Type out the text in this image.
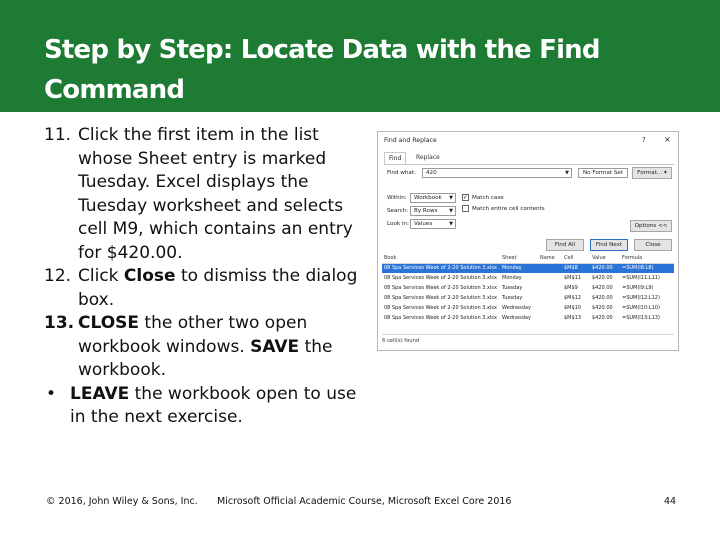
Step by Step: Locate Data with the Find Command
11. Click the first item in the list whose Sheet entry is marked Tuesday. Excel displays the Tuesday worksheet and selects cell M9, which contains an entry for $420.00.
12. Click Close to dismiss the dialog box.
13. CLOSE the other two open workbook windows. SAVE the workbook.
• LEAVE the workbook open to use in the next exercise.
Find and Replace	? ×
Find	Replace
Find what:	420	▼	No Format Set	Format... ▾
Within:	Workbook ▼
Search:	By Rows ▼
Look in: Values	▼
✓ Match case
Match entire cell contents
Options <<
Find All	Find Next	Close
Book	Sheet	Name	Cell	Value	Formula
08 Spa Services Week of 2-20 Solution 3.xlsx	Monday		$M$8	$420.00	=SUM(I8:L8)
08 Spa Services Week of 2-20 Solution 3.xlsx	Monday		$M$11	$420.00	=SUM(I11:L11)
08 Spa Services Week of 2-20 Solution 3.xlsx	Tuesday		$M$9	$420.00	=SUM(I9:L9)
08 Spa Services Week of 2-20 Solution 3.xlsx	Tuesday		$M$12	$420.00	=SUM(I12:L12)
08 Spa Services Week of 2-20 Solution 3.xlsx	Wednesday		$M$10	$420.00	=SUM(I10:L10)
08 Spa Services Week of 2-20 Solution 3.xlsx	Wednesday		$M$13	$420.00	=SUM(I13:L13)
6 cell(s) found
© 2016, John Wiley & Sons, Inc. Microsoft Official Academic Course, Microsoft Excel Core 2016	44
